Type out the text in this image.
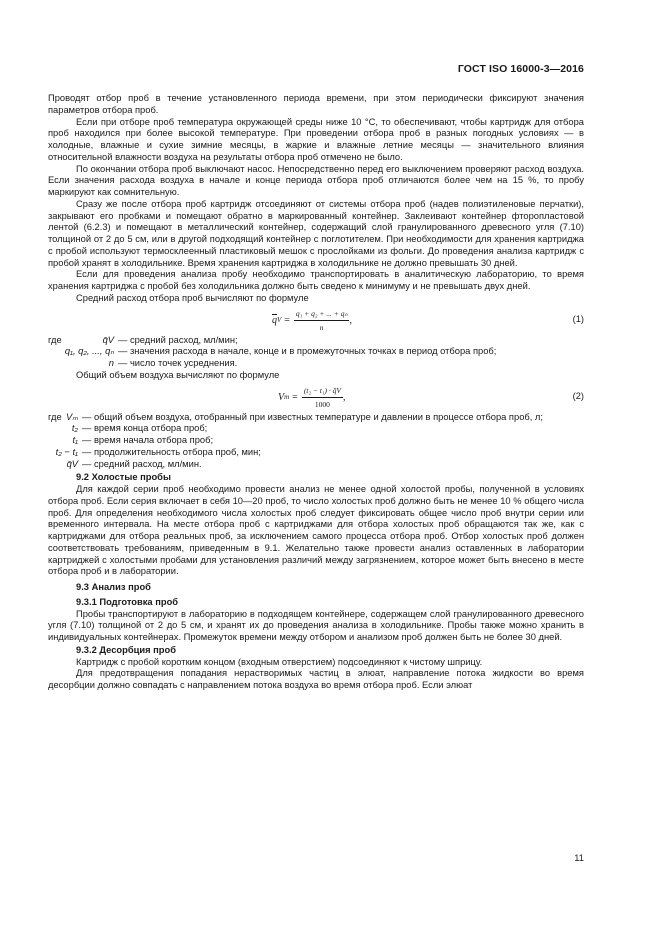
ГОСТ ISO 16000-3—2016

Проводят отбор проб в течение установленного периода времени, при этом периодически фиксируют значения параметров отбора проб.

Если при отборе проб температура окружающей среды ниже 10 °С, то обеспечивают, чтобы картридж для отбора проб находился при более высокой температуре. При проведении отбора проб в разных погодных условиях — в холодные, влажные и сухие зимние месяцы, в жаркие и влажные летние месяцы — значительного влияния относительной влажности воздуха на результаты отбора проб отмечено не было.

По окончании отбора проб выключают насос. Непосредственно перед его выключением проверяют расход воздуха. Если значения расхода воздуха в начале и конце периода отбора проб отличаются более чем на 15 %, то пробу маркируют как сомнительную.

Сразу же после отбора проб картридж отсоединяют от системы отбора проб (надев полиэтиленовые перчатки), закрывают его пробками и помещают обратно в маркированный контейнер. Заклеивают контейнер фторопластовой лентой (6.2.3) и помещают в металлический контейнер, содержащий слой гранулированного древесного угля (7.10) толщиной от 2 до 5 см, или в другой подходящий контейнер с поглотителем. При необходимости для хранения картриджа с пробой используют термосклеенный пластиковый мешок с прослойками из фольги. До проведения анализа картридж с пробой хранят в холодильнике. Время хранения картриджа в холодильнике не должно превышать 30 дней.

Если для проведения анализа пробу необходимо транспортировать в аналитическую лабораторию, то время хранения картриджа с пробой без холодильника должно быть сведено к минимуму и не превышать двух дней.

Средний расход отбора проб вычисляют по формуле

$\overline{q}$ $V = \frac{\text{q₁ + q₂ + ... + qₙ}}{n}$ ,	(1)
где	q̄V — средний расход, мл/мин;
q₁, q₂, ..., qₙ — значения расхода в начале, конце и в промежуточных точках в период отбора проб;
n — число точек усреднения.

Общий объем воздуха вычисляют по формуле

V $m = \frac{\text{(t₂ − t₁) · q̄V}}{1000}$ ,	(2)
где Vₘ — общий объем воздуха, отобранный при известных температуре и давлении в процессе отбора проб, л;
t₂ — время конца отбора проб;
t₁ — время начала отбора проб;
t₂ − t₁ — продолжительность отбора проб, мин;
q̄V — средний расход, мл/мин.

9.2 Холостые пробы

Для каждой серии проб необходимо провести анализ не менее одной холостой пробы, полученной в условиях отбора проб. Если серия включает в себя 10—20 проб, то число холостых проб должно быть не менее 10 % общего числа проб. Для определения необходимого числа холостых проб следует фиксировать общее число проб внутри серии или временного интервала. На месте отбора проб с картриджами для отбора холостых проб обращаются так же, как с картриджами для отбора реальных проб, за исключением самого процесса отбора проб. Отбор холостых проб должен соответствовать требованиям, приведенным в 9.1. Желательно также провести анализ оставленных в лаборатории картриджей с холостыми пробами для установления различий между загрязнением, которое может быть внесено в месте отбора проб и в лаборатории.

9.3 Анализ проб

9.3.1 Подготовка проб

Пробы транспортируют в лабораторию в подходящем контейнере, содержащем слой гранулированного древесного угля (7.10) толщиной от 2 до 5 см, и хранят их до проведения анализа в холодильнике. Пробы также можно хранить в индивидуальных контейнерах. Промежуток времени между отбором и анализом проб должен быть не более 30 дней.

9.3.2 Десорбция проб

Картридж с пробой коротким концом (входным отверстием) подсоединяют к чистому шприцу.

Для предотвращения попадания нерастворимых частиц в элюат, направление потока жидкости во время десорбции должно совпадать с направлением потока воздуха во время отбора проб. Если элюат

11
